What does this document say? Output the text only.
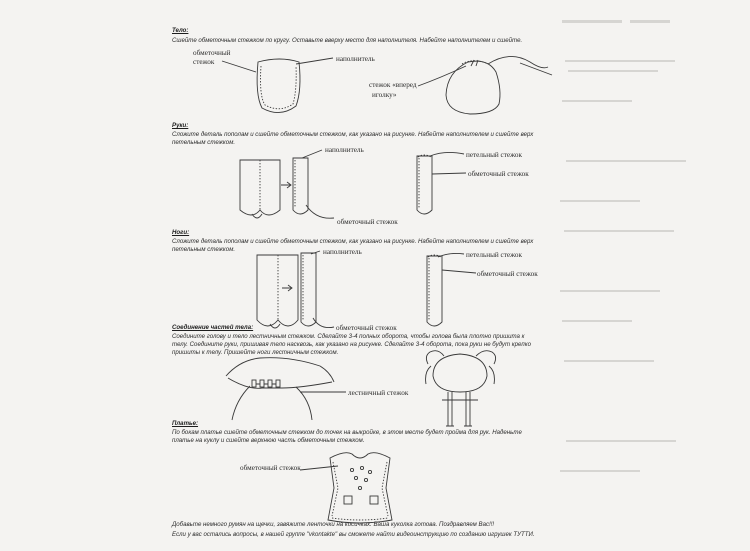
Тело:
Сшейте обметочным стежком по кругу. Оставьте вверху место для наполнителя. Набейте наполнителем и сшейте.
обметочный
стежок	наполнитель
стежок «вперед
иголку»
Руки:
Сложите деталь пополам и сшейте обметочным стежком, как указано на рисунке. Набейте наполнителем и сшейте верх
петельным стежком.
наполнитель
петельный стежок
обметочный стежок
обметочный стежок
Ноги:
Сложите деталь пополам и сшейте обметочным стежком, как указано на рисунке. Набейте наполнителем и сшейте верх
петельным стежком.	наполнитель	петельный стежок
обметочный стежок
обметочный стежок
Соединение частей тела:
Соедините голову и тело лестничным стежком. Сделайте 3-4 полных оборота, чтобы голова была плотно пришита к
телу. Соедините руки, пришивая тело насквозь, как указано на рисунке. Сделайте 3-4 оборота, пока руки не будут крепко
пришиты к телу. Пришейте ноги лестничным стежком.
лестничный стежок
Платье:
По бокам платье сшейте обметочным стежком до точек на выкройке, в этом месте будет пройма для рук. Наденьте
платье на куклу и сшейте верхнюю часть обметочным стежком.
обметочный стежок
Добавьте немного румян на щечки, завяжите ленточки на косичках. Ваша куколка готова. Поздравляем Вас!!!
Если у вас остались вопросы, в нашей группе "vkontakte" вы сможете найти видеоинструкцию по созданию игрушек ТУТТИ.
